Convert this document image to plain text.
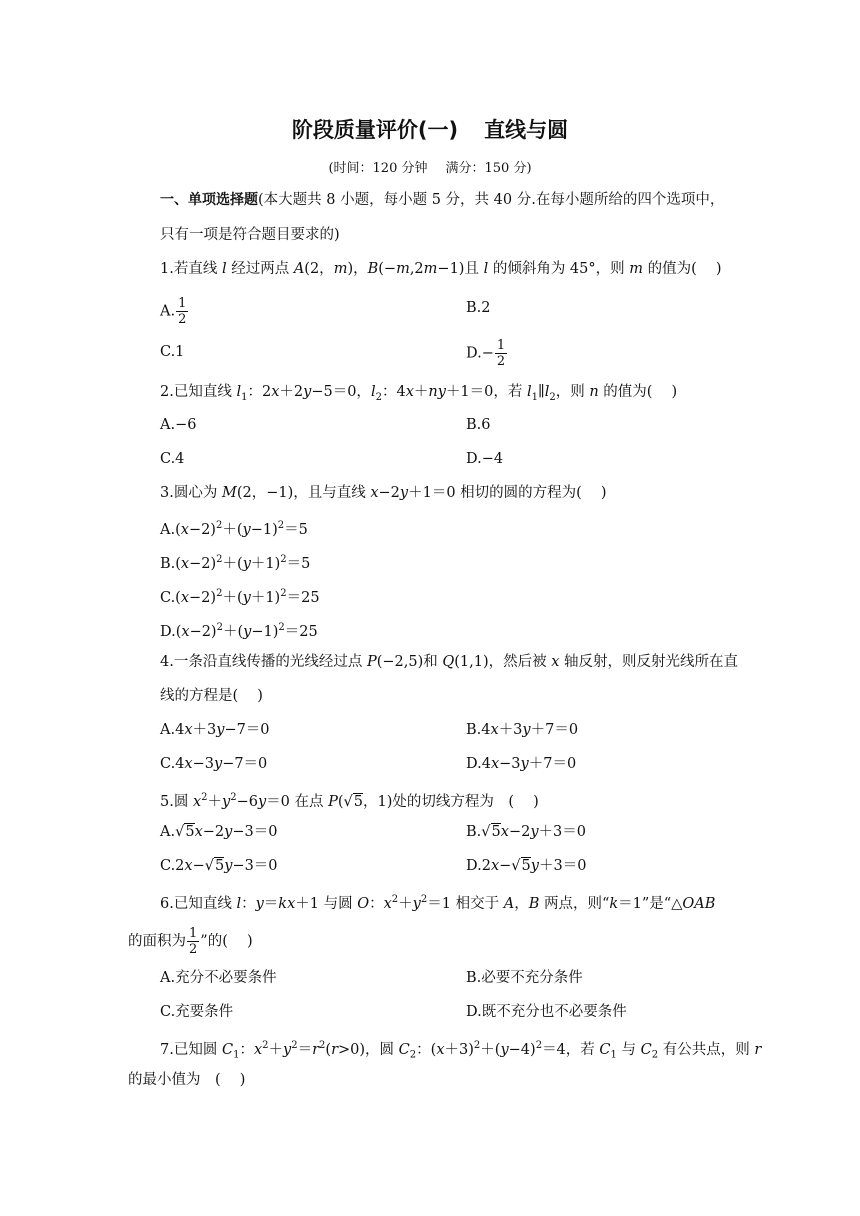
阶段质量评价(一) 直线与圆
(时间：120 分钟 满分：150 分)
一、单项选择题(本大题共 8 小题，每小题 5 分，共 40 分.在每小题所给的四个选项中，
只有一项是符合题目要求的)
1.若直线 l 经过两点 A(2，m)，B(−m,2m−1)且 l 的倾斜角为 45°，则 m 的值为(　 )
A. $\frac{1}{2}$	B.2
C.1	$D.- \frac{1}{2}$
2.已知直线 $l_1$：2x＋2y−5＝0，$l_2$：4x＋ny＋1＝0，若 $l_1\parallel l_2$，则 n 的值为(　 )
A.−6	B.6
C.4	D.−4
3.圆心为 M(2，−1)，且与直线 x−2y＋1＝0 相切的圆的方程为(　 )
$A.(x-2)^2+(y-1)^2=5$
$B.(x-2)^2+(y+1)^2=5$
$C.(x-2)^2+(y+1)^2=25$
$D.(x-2)^2+(y-1)^2=25$
4.一条沿直线传播的光线经过点 P(−2,5)和 Q(1,1)，然后被 x 轴反射，则反射光线所在直
线的方程是(　 )
A.4x＋3y−7＝0	B.4x＋3y＋7＝0
C.4x−3y−7＝0	D.4x−3y＋7＝0
5.圆 $x^2+y^2-6y=0$ 在点 P(√5，1)处的切线方程为　(　 )
A.√5x−2y−3＝0	B.√5x−2y＋3＝0
C.2x−√5y−3＝0	D.2x−√5y＋3＝0
6.已知直线 l：y＝kx＋1 与圆 O：$x^2+y^2=1$ 相交于 A，B 两点，则“k＝1”是“△OAB
的面积为 $\frac{1}{2}$ ”的(　 )
A.充分不必要条件	B.必要不充分条件
C.充要条件	D.既不充分也不必要条件
7.已知圆 $C_1$：$x^2+y^2=r^2(r>0)$，圆 $C_2$：$(x+3)^2+(y-4)^2=4$，若 $C_1$ 与 $C_2$ 有公共点，则 r
的最小值为　(　 )
